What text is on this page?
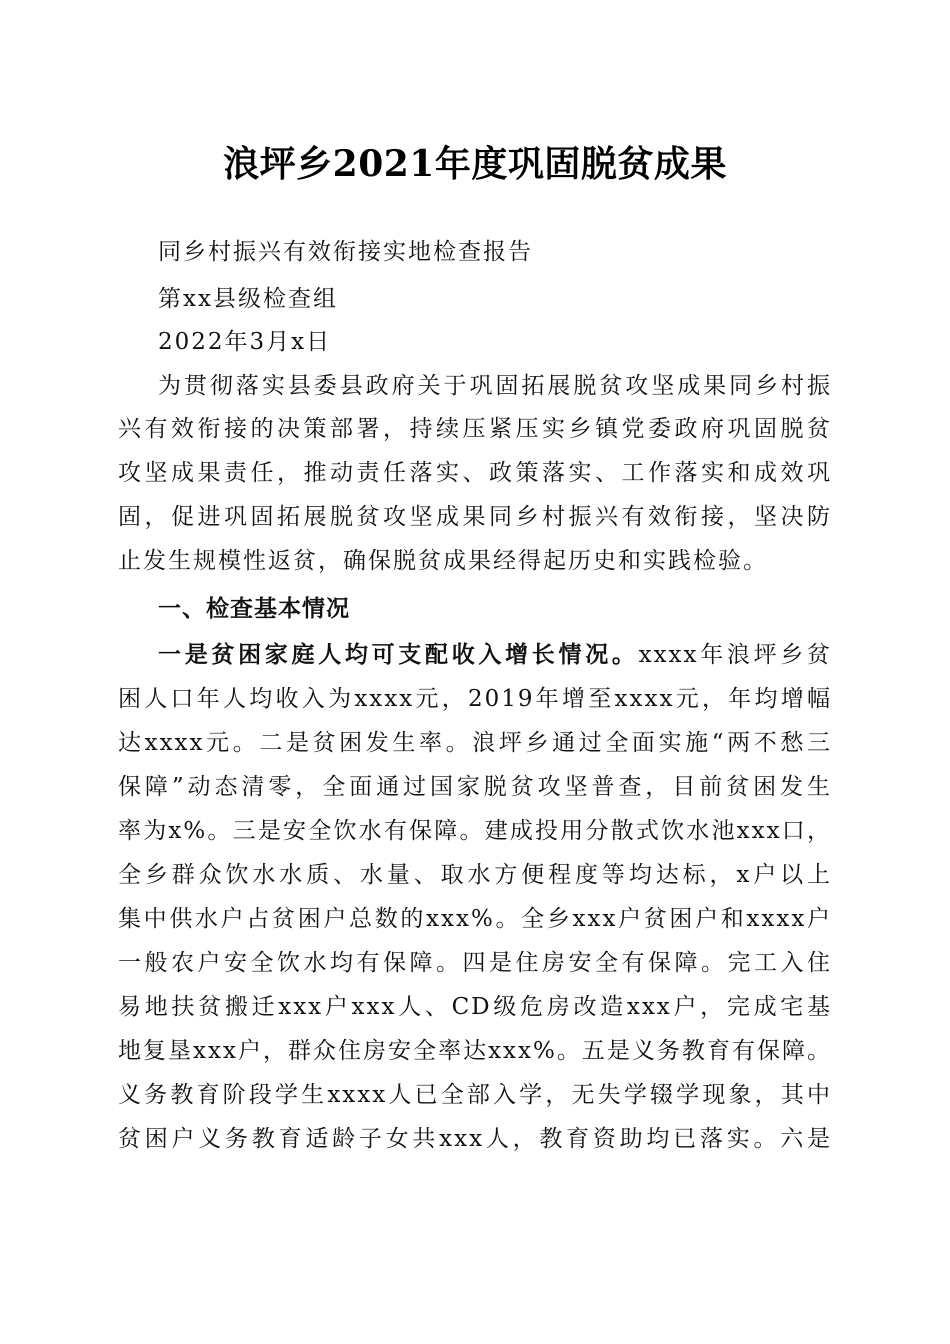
浪坪乡2021年度巩固脱贫成果
同乡村振兴有效衔接实地检查报告
第xx县级检查组
2022年3月x日
为贯彻落实县委县政府关于巩固拓展脱贫攻坚成果同乡村振
兴有效衔接的决策部署，持续压紧压实乡镇党委政府巩固脱贫
攻坚成果责任，推动责任落实、政策落实、工作落实和成效巩
固，促进巩固拓展脱贫攻坚成果同乡村振兴有效衔接，坚决防
止发生规模性返贫，确保脱贫成果经得起历史和实践检验。
一、检查基本情况
一是贫困家庭人均可支配收入增长情况。xxxx年浪坪乡贫
困人口年人均收入为xxxx元，2019年增至xxxx元，年均增幅
达xxxx元。二是贫困发生率。浪坪乡通过全面实施“两不愁三
保障”动态清零，全面通过国家脱贫攻坚普查，目前贫困发生
率为x%。三是安全饮水有保障。建成投用分散式饮水池xxx口，
全乡群众饮水水质、水量、取水方便程度等均达标，x户以上
集中供水户占贫困户总数的xxx%。全乡xxx户贫困户和xxxx户
一般农户安全饮水均有保障。四是住房安全有保障。完工入住
易地扶贫搬迁xxx户xxx人、CD级危房改造xxx户，完成宅基
地复垦xxx户，群众住房安全率达xxx%。五是义务教育有保障。
义务教育阶段学生xxxx人已全部入学，无失学辍学现象，其中
贫困户义务教育适龄子女共xxx人，教育资助均已落实。六是
